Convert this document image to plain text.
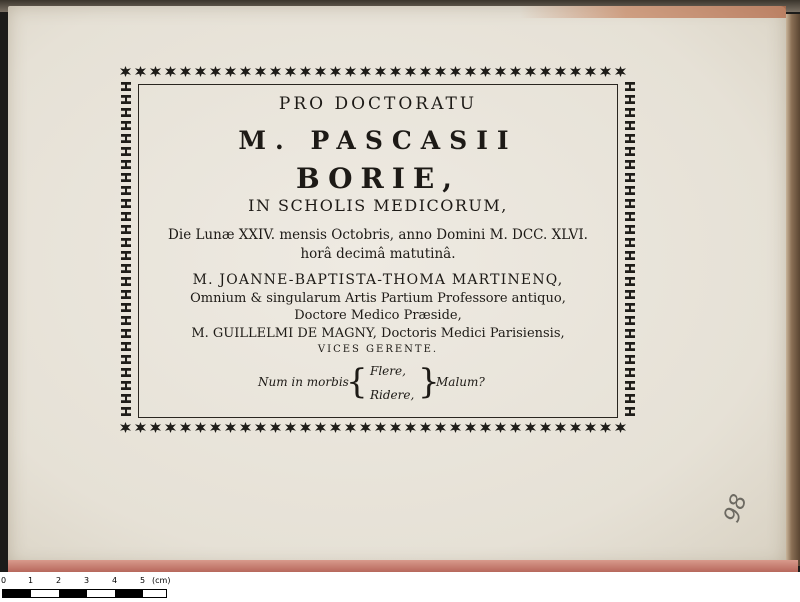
PRO DOCTORATU
M. PASCASII
BORIE,
IN SCHOLIS MEDICORUM,
Die Lunæ XXIV. mensis Octobris, anno Domini M. DCC. XLVI.
horâ decimâ matutinâ.
M. JOANNE-BAPTISTA-THOMA MARTINENQ,
Omnium & singularum Artis Partium Professore antiquo,
Doctore Medico Præside,
M. GUILLELMI DE MAGNY, Doctoris Medici Parisiensis,
VICES GERENTE.
Num in morbis
{ Flere,
Ridere, }
Malum?
98
0	1	2	3	4	5 (cm)
